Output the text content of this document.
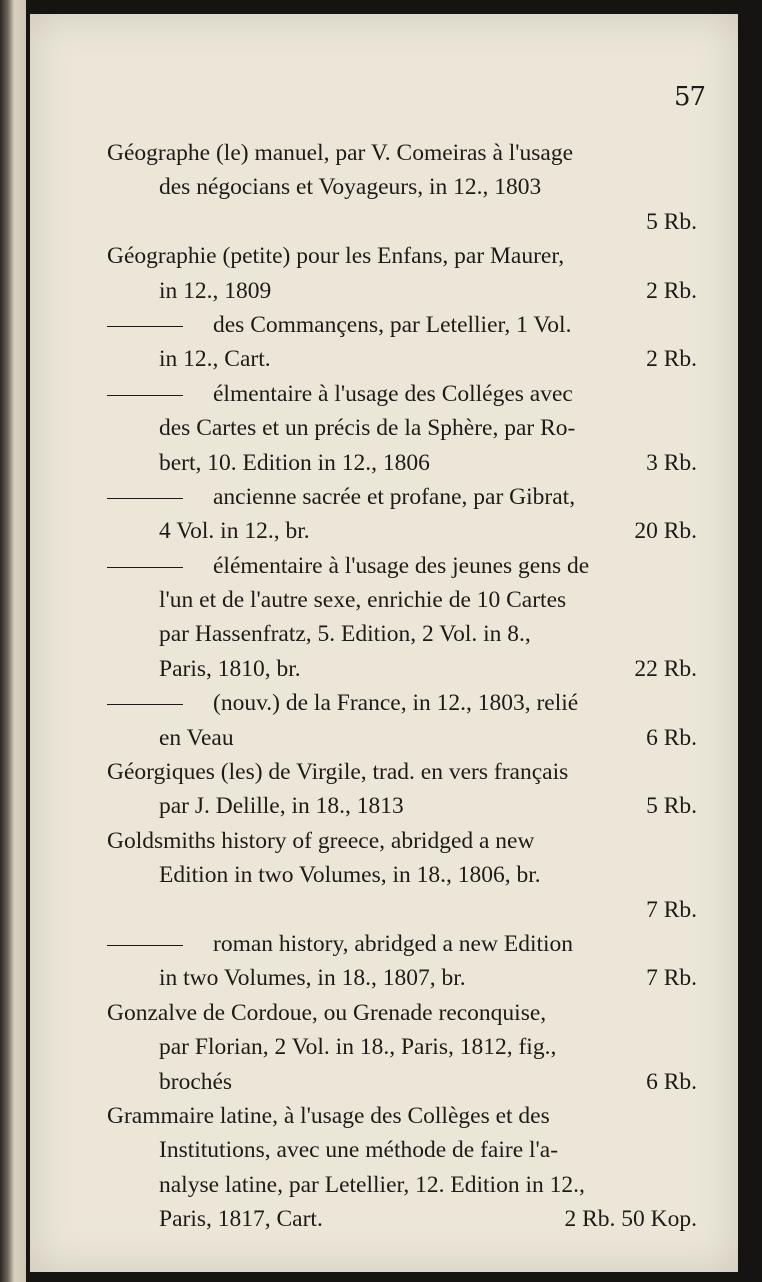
57
Géographe (le) manuel, par V. Comeiras à l'usage
des négocians et Voyageurs, in 12., 1803
5 Rb.
Géographie (petite) pour les Enfans, par Maurer,
in 12., 1809	2 Rb.
des Commançens, par Letellier, 1 Vol.
in 12., Cart.	2 Rb.
élmentaire à l'usage des Colléges avec
des Cartes et un précis de la Sphère, par Ro-
bert, 10. Edition in 12., 1806	3 Rb.
ancienne sacrée et profane, par Gibrat,
4 Vol. in 12., br.	20 Rb.
élémentaire à l'usage des jeunes gens de
l'un et de l'autre sexe, enrichie de 10 Cartes
par Hassenfratz, 5. Edition, 2 Vol. in 8.,
Paris, 1810, br.	22 Rb.
(nouv.) de la France, in 12., 1803, relié
en Veau	6 Rb.
Géorgiques (les) de Virgile, trad. en vers français
par J. Delille, in 18., 1813	5 Rb.
Goldsmiths history of greece, abridged a new
Edition in two Volumes, in 18., 1806, br.
7 Rb.
roman history, abridged a new Edition
in two Volumes, in 18., 1807, br.	7 Rb.
Gonzalve de Cordoue, ou Grenade reconquise,
par Florian, 2 Vol. in 18., Paris, 1812, fig.,
brochés	6 Rb.
Grammaire latine, à l'usage des Collèges et des
Institutions, avec une méthode de faire l'a-
nalyse latine, par Letellier, 12. Edition in 12.,
Paris, 1817, Cart.	2 Rb. 50 Kop.
